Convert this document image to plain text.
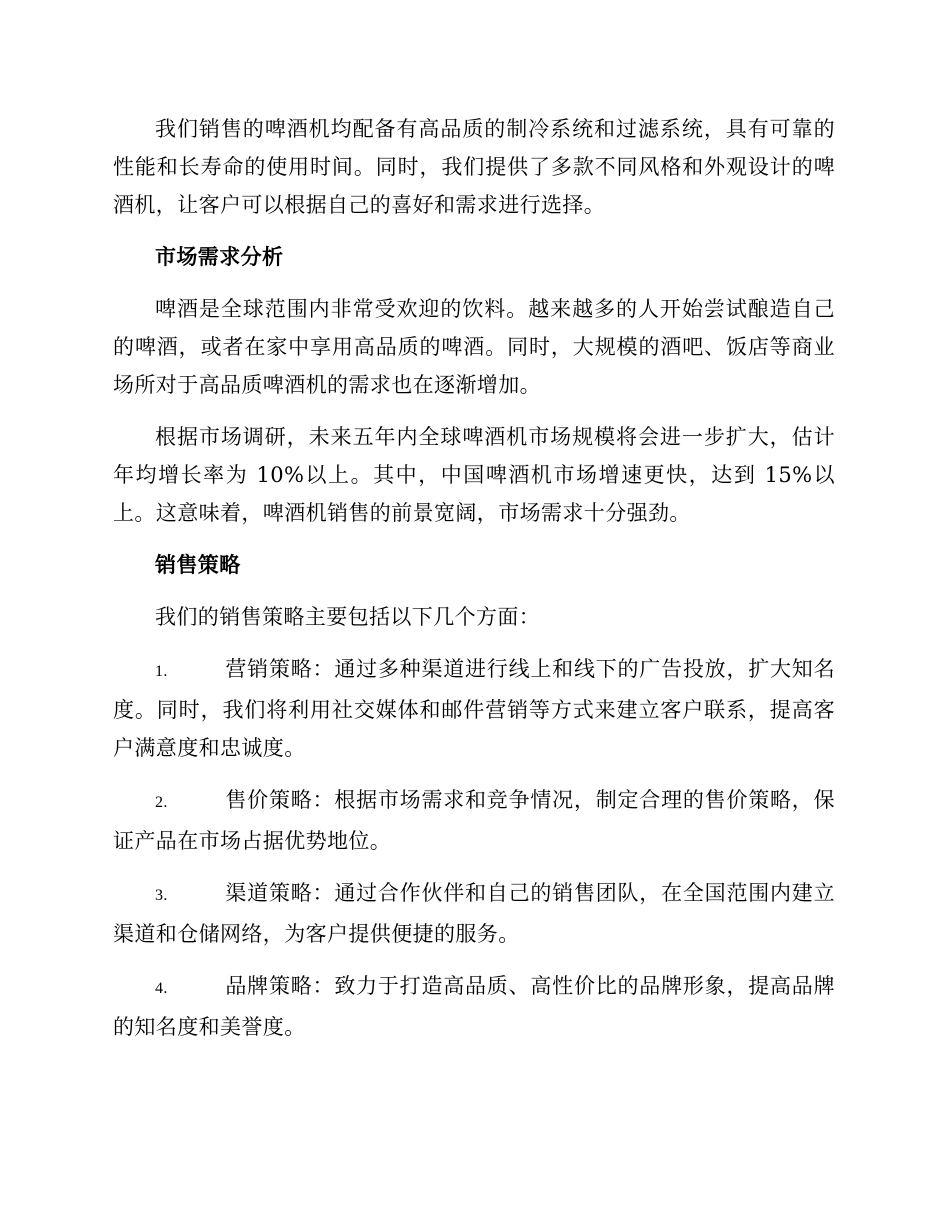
我们销售的啤酒机均配备有高品质的制冷系统和过滤系统，具有可靠的性能和长寿命的使用时间。同时，我们提供了多款不同风格和外观设计的啤酒机，让客户可以根据自己的喜好和需求进行选择。

市场需求分析

啤酒是全球范围内非常受欢迎的饮料。越来越多的人开始尝试酿造自己的啤酒，或者在家中享用高品质的啤酒。同时，大规模的酒吧、饭店等商业场所对于高品质啤酒机的需求也在逐渐增加。

根据市场调研，未来五年内全球啤酒机市场规模将会进一步扩大，估计年均增长率为 10%以上。其中，中国啤酒机市场增速更快，达到 15%以上。这意味着，啤酒机销售的前景宽阔，市场需求十分强劲。

销售策略

我们的销售策略主要包括以下几个方面：

1.	营销策略：通过多种渠道进行线上和线下的广告投放，扩大知名度。同时，我们将利用社交媒体和邮件营销等方式来建立客户联系，提高客户满意度和忠诚度。
2.	售价策略：根据市场需求和竞争情况，制定合理的售价策略，保证产品在市场占据优势地位。
3.	渠道策略：通过合作伙伴和自己的销售团队，在全国范围内建立渠道和仓储网络，为客户提供便捷的服务。
4.	品牌策略：致力于打造高品质、高性价比的品牌形象，提高品牌的知名度和美誉度。
